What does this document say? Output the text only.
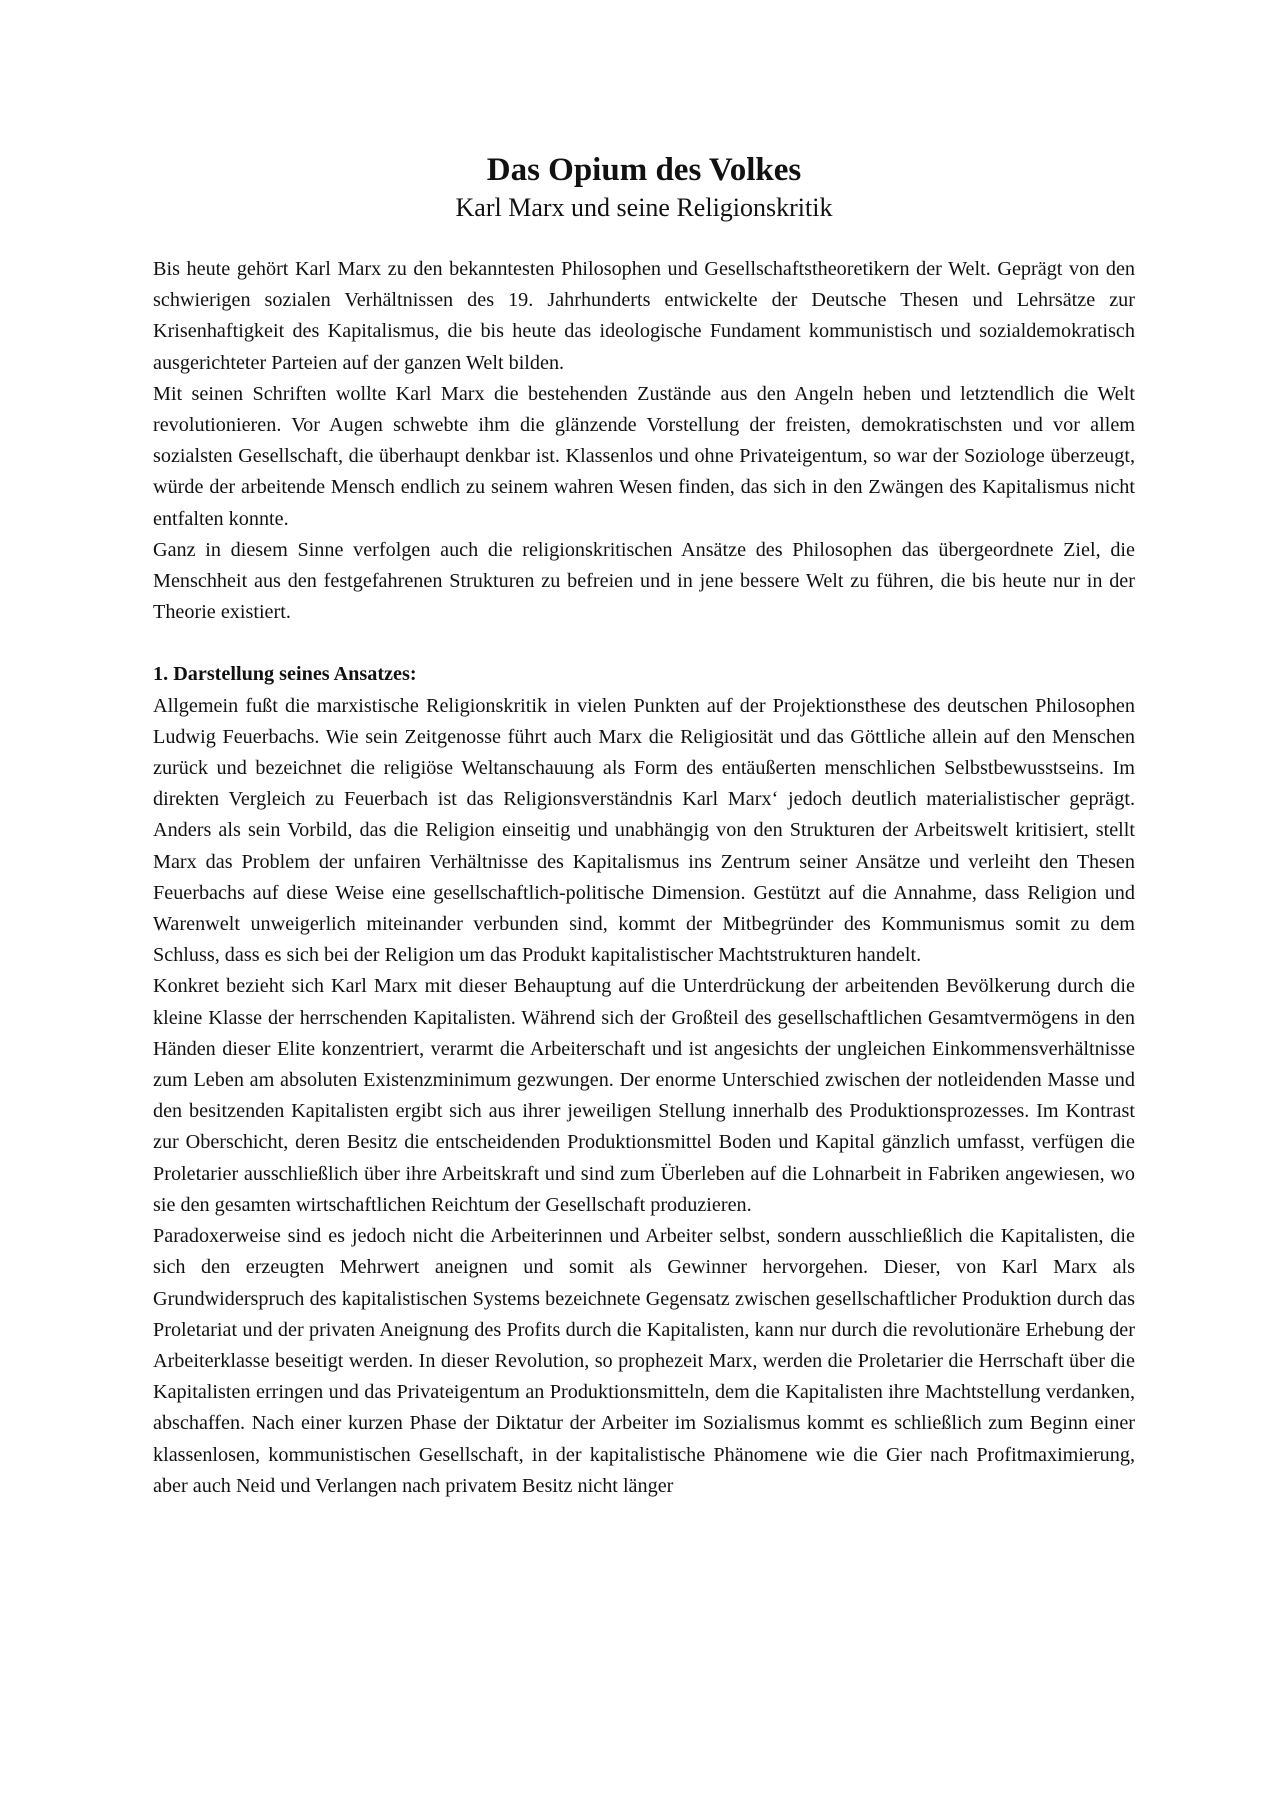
Das Opium des Volkes
Karl Marx und seine Religionskritik

Bis heute gehört Karl Marx zu den bekanntesten Philosophen und Gesellschaftstheoretikern der Welt. Geprägt von den schwierigen sozialen Verhältnissen des 19. Jahrhunderts entwickelte der Deutsche Thesen und Lehrsätze zur Krisenhaftigkeit des Kapitalismus, die bis heute das ideologische Fundament kommunistisch und sozialdemokratisch ausgerichteter Parteien auf der ganzen Welt bilden.

Mit seinen Schriften wollte Karl Marx die bestehenden Zustände aus den Angeln heben und letztendlich die Welt revolutionieren. Vor Augen schwebte ihm die glänzende Vorstellung der freisten, demokratischsten und vor allem sozialsten Gesellschaft, die überhaupt denkbar ist. Klassenlos und ohne Privateigentum, so war der Soziologe überzeugt, würde der arbeitende Mensch endlich zu seinem wahren Wesen finden, das sich in den Zwängen des Kapitalismus nicht entfalten konnte.

Ganz in diesem Sinne verfolgen auch die religionskritischen Ansätze des Philosophen das übergeordnete Ziel, die Menschheit aus den festgefahrenen Strukturen zu befreien und in jene bessere Welt zu führen, die bis heute nur in der Theorie existiert.

1. Darstellung seines Ansatzes:

Allgemein fußt die marxistische Religionskritik in vielen Punkten auf der Projektionsthese des deutschen Philosophen Ludwig Feuerbachs. Wie sein Zeitgenosse führt auch Marx die Religiosität und das Göttliche allein auf den Menschen zurück und bezeichnet die religiöse Weltanschauung als Form des entäußerten menschlichen Selbstbewusstseins. Im direkten Vergleich zu Feuerbach ist das Religionsverständnis Karl Marx‘ jedoch deutlich materialistischer geprägt. Anders als sein Vorbild, das die Religion einseitig und unabhängig von den Strukturen der Arbeitswelt kritisiert, stellt Marx das Problem der unfairen Verhältnisse des Kapitalismus ins Zentrum seiner Ansätze und verleiht den Thesen Feuerbachs auf diese Weise eine gesellschaftlich-politische Dimension. Gestützt auf die Annahme, dass Religion und Warenwelt unweigerlich miteinander verbunden sind, kommt der Mitbegründer des Kommunismus somit zu dem Schluss, dass es sich bei der Religion um das Produkt kapitalistischer Machtstrukturen handelt.

Konkret bezieht sich Karl Marx mit dieser Behauptung auf die Unterdrückung der arbeitenden Bevölkerung durch die kleine Klasse der herrschenden Kapitalisten. Während sich der Großteil des gesellschaftlichen Gesamtvermögens in den Händen dieser Elite konzentriert, verarmt die Arbeiterschaft und ist angesichts der ungleichen Einkommensverhältnisse zum Leben am absoluten Existenzminimum gezwungen. Der enorme Unterschied zwischen der notleidenden Masse und den besitzenden Kapitalisten ergibt sich aus ihrer jeweiligen Stellung innerhalb des Produktionsprozesses. Im Kontrast zur Oberschicht, deren Besitz die entscheidenden Produktionsmittel Boden und Kapital gänzlich umfasst, verfügen die Proletarier ausschließlich über ihre Arbeitskraft und sind zum Überleben auf die Lohnarbeit in Fabriken angewiesen, wo sie den gesamten wirtschaftlichen Reichtum der Gesellschaft produzieren.

Paradoxerweise sind es jedoch nicht die Arbeiterinnen und Arbeiter selbst, sondern ausschließlich die Kapitalisten, die sich den erzeugten Mehrwert aneignen und somit als Gewinner hervorgehen. Dieser, von Karl Marx als Grundwiderspruch des kapitalistischen Systems bezeichnete Gegensatz zwischen gesellschaftlicher Produktion durch das Proletariat und der privaten Aneignung des Profits durch die Kapitalisten, kann nur durch die revolutionäre Erhebung der Arbeiterklasse beseitigt werden. In dieser Revolution, so prophezeit Marx, werden die Proletarier die Herrschaft über die Kapitalisten erringen und das Privateigentum an Produktionsmitteln, dem die Kapitalisten ihre Machtstellung verdanken, abschaffen. Nach einer kurzen Phase der Diktatur der Arbeiter im Sozialismus kommt es schließlich zum Beginn einer klassenlosen, kommunistischen Gesellschaft, in der kapitalistische Phänomene wie die Gier nach Profitmaximierung, aber auch Neid und Verlangen nach privatem Besitz nicht länger
